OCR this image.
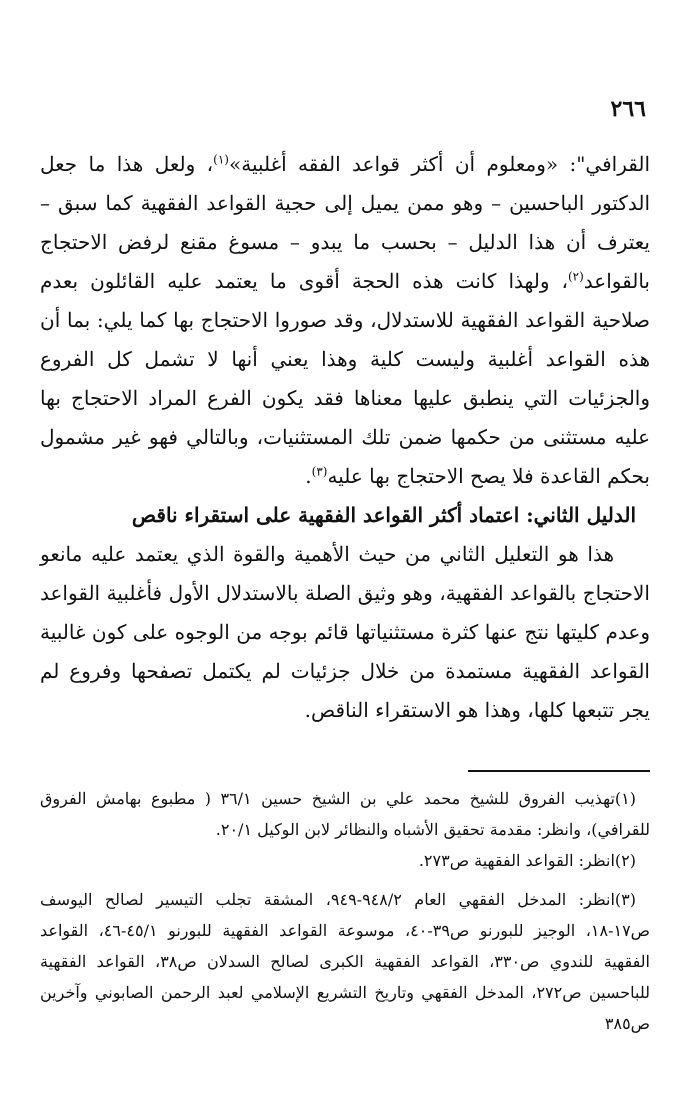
٢٦٦

القرافي": «ومعلوم أن أكثر قواعد الفقه أغلبية»$^{(١)}$، ولعل هذا ما جعل الدكتور الباحسين – وهو ممن يميل إلى حجية القواعد الفقهية كما سبق – يعترف أن هذا الدليل – بحسب ما يبدو – مسوغ مقنع لرفض الاحتجاج بالقواعد$^{(٢)}$، ولهذا كانت هذه الحجة أقوى ما يعتمد عليه القائلون بعدم صلاحية القواعد الفقهية للاستدلال، وقد صوروا الاحتجاج بها كما يلي: بما أن هذه القواعد أغلبية وليست كلية وهذا يعني أنها لا تشمل كل الفروع والجزئيات التي ينطبق عليها معناها فقد يكون الفرع المراد الاحتجاج بها عليه مستثنى من حكمها ضمن تلك المستثنيات، وبالتالي فهو غير مشمول بحكم القاعدة فلا يصح الاحتجاج بها عليه$^{(٣)}$.

الدليل الثاني: اعتماد أكثر القواعد الفقهية على استقراء ناقص

هذا هو التعليل الثاني من حيث الأهمية والقوة الذي يعتمد عليه مانعو الاحتجاج بالقواعد الفقهية، وهو وثيق الصلة بالاستدلال الأول فأغلبية القواعد وعدم كليتها نتج عنها كثرة مستثنياتها قائم بوجه من الوجوه على كون غالبية القواعد الفقهية مستمدة من خلال جزئيات لم يكتمل تصفحها وفروع لم يجر تتبعها كلها، وهذا هو الاستقراء الناقص.

(١)تهذيب الفروق للشيخ محمد علي بن الشيخ حسين ٣٦/١ ( مطبوع بهامش الفروق للقرافي)، وانظر: مقدمة تحقيق الأشباه والنظائر لابن الوكيل ٢٠/١.

(٢)انظر: القواعد الفقهية ص٢٧٣.

(٣)انظر: المدخل الفقهي العام ٩٤٨/٢-٩٤٩، المشقة تجلب التيسير لصالح اليوسف ص١٧-١٨، الوجيز للبورنو ص٣٩-٤٠، موسوعة القواعد الفقهية للبورنو ٤٥/١-٤٦، القواعد الفقهية للندوي ص٣٣٠، القواعد الفقهية الكبرى لصالح السدلان ص٣٨، القواعد الفقهية للباحسين ص٢٧٢، المدخل الفقهي وتاريخ التشريع الإسلامي لعبد الرحمن الصابوني وآخرين ص٣٨٥
